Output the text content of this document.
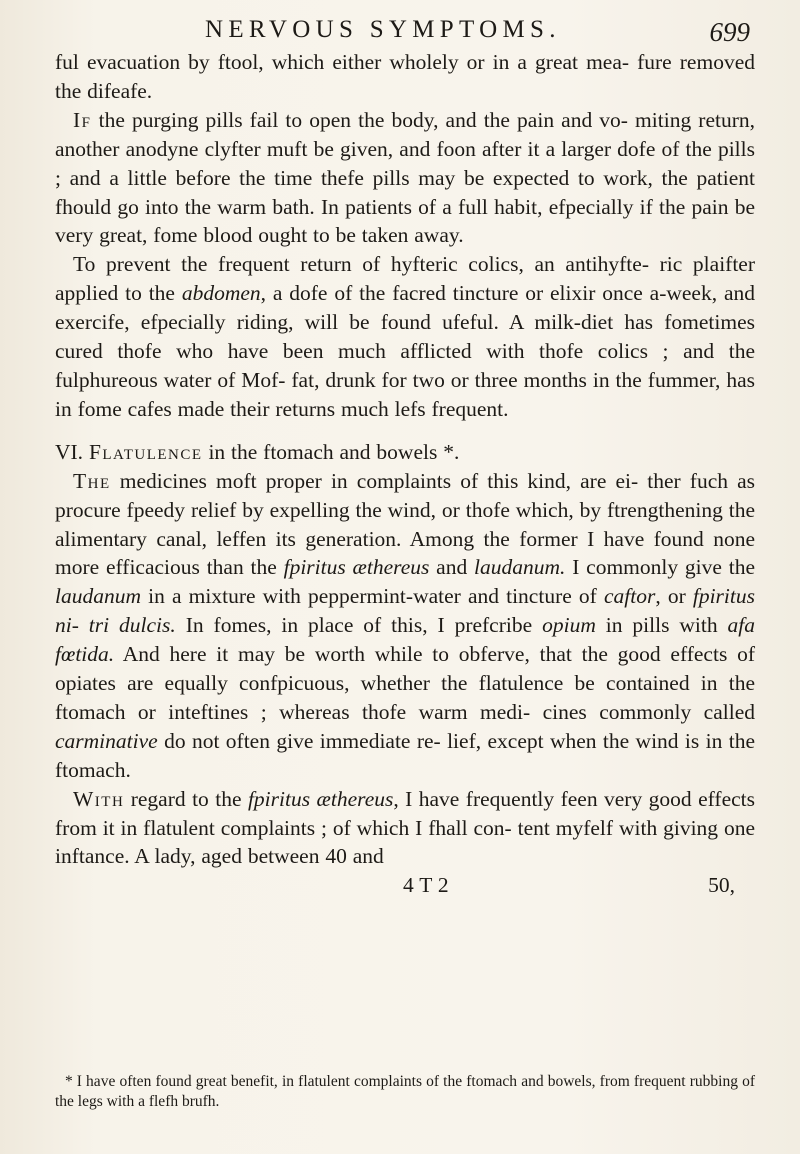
NERVOUS SYMPTOMS.	699

ful evacuation by ftool, which either wholely or in a great mea- fure removed the difeafe.

If the purging pills fail to open the body, and the pain and vo- miting return, another anodyne clyfter muft be given, and foon after it a larger dofe of the pills ; and a little before the time thefe pills may be expected to work, the patient fhould go into the warm bath. In patients of a full habit, efpecially if the pain be very great, fome blood ought to be taken away.

To prevent the frequent return of hyfteric colics, an antihyfte- ric plaifter applied to the abdomen, a dofe of the facred tincture or elixir once a-week, and exercife, efpecially riding, will be found ufeful. A milk-diet has fometimes cured thofe who have been much afflicted with thofe colics ; and the fulphureous water of Mof- fat, drunk for two or three months in the fummer, has in fome cafes made their returns much lefs frequent.

VI. Flatulence in the ftomach and bowels *.

The medicines moft proper in complaints of this kind, are ei- ther fuch as procure fpeedy relief by expelling the wind, or thofe which, by ftrengthening the alimentary canal, leffen its generation. Among the former I have found none more efficacious than the fpiritus æthereus and laudanum. I commonly give the laudanum in a mixture with peppermint-water and tincture of caftor, or fpiritus ni- tri dulcis. In fomes, in place of this, I prefcribe opium in pills with afa fœtida. And here it may be worth while to obferve, that the good effects of opiates are equally confpicuous, whether the flatulence be contained in the ftomach or inteftines ; whereas thofe warm medi- cines commonly called carminative do not often give immediate re- lief, except when the wind is in the ftomach.

With regard to the fpiritus æthereus, I have frequently feen very good effects from it in flatulent complaints ; of which I fhall con- tent myfelf with giving one inftance. A lady, aged between 40 and

4 T 2	50,
* I have often found great benefit, in flatulent complaints of the ftomach and bowels, from frequent rubbing of the legs with a flefh brufh.
